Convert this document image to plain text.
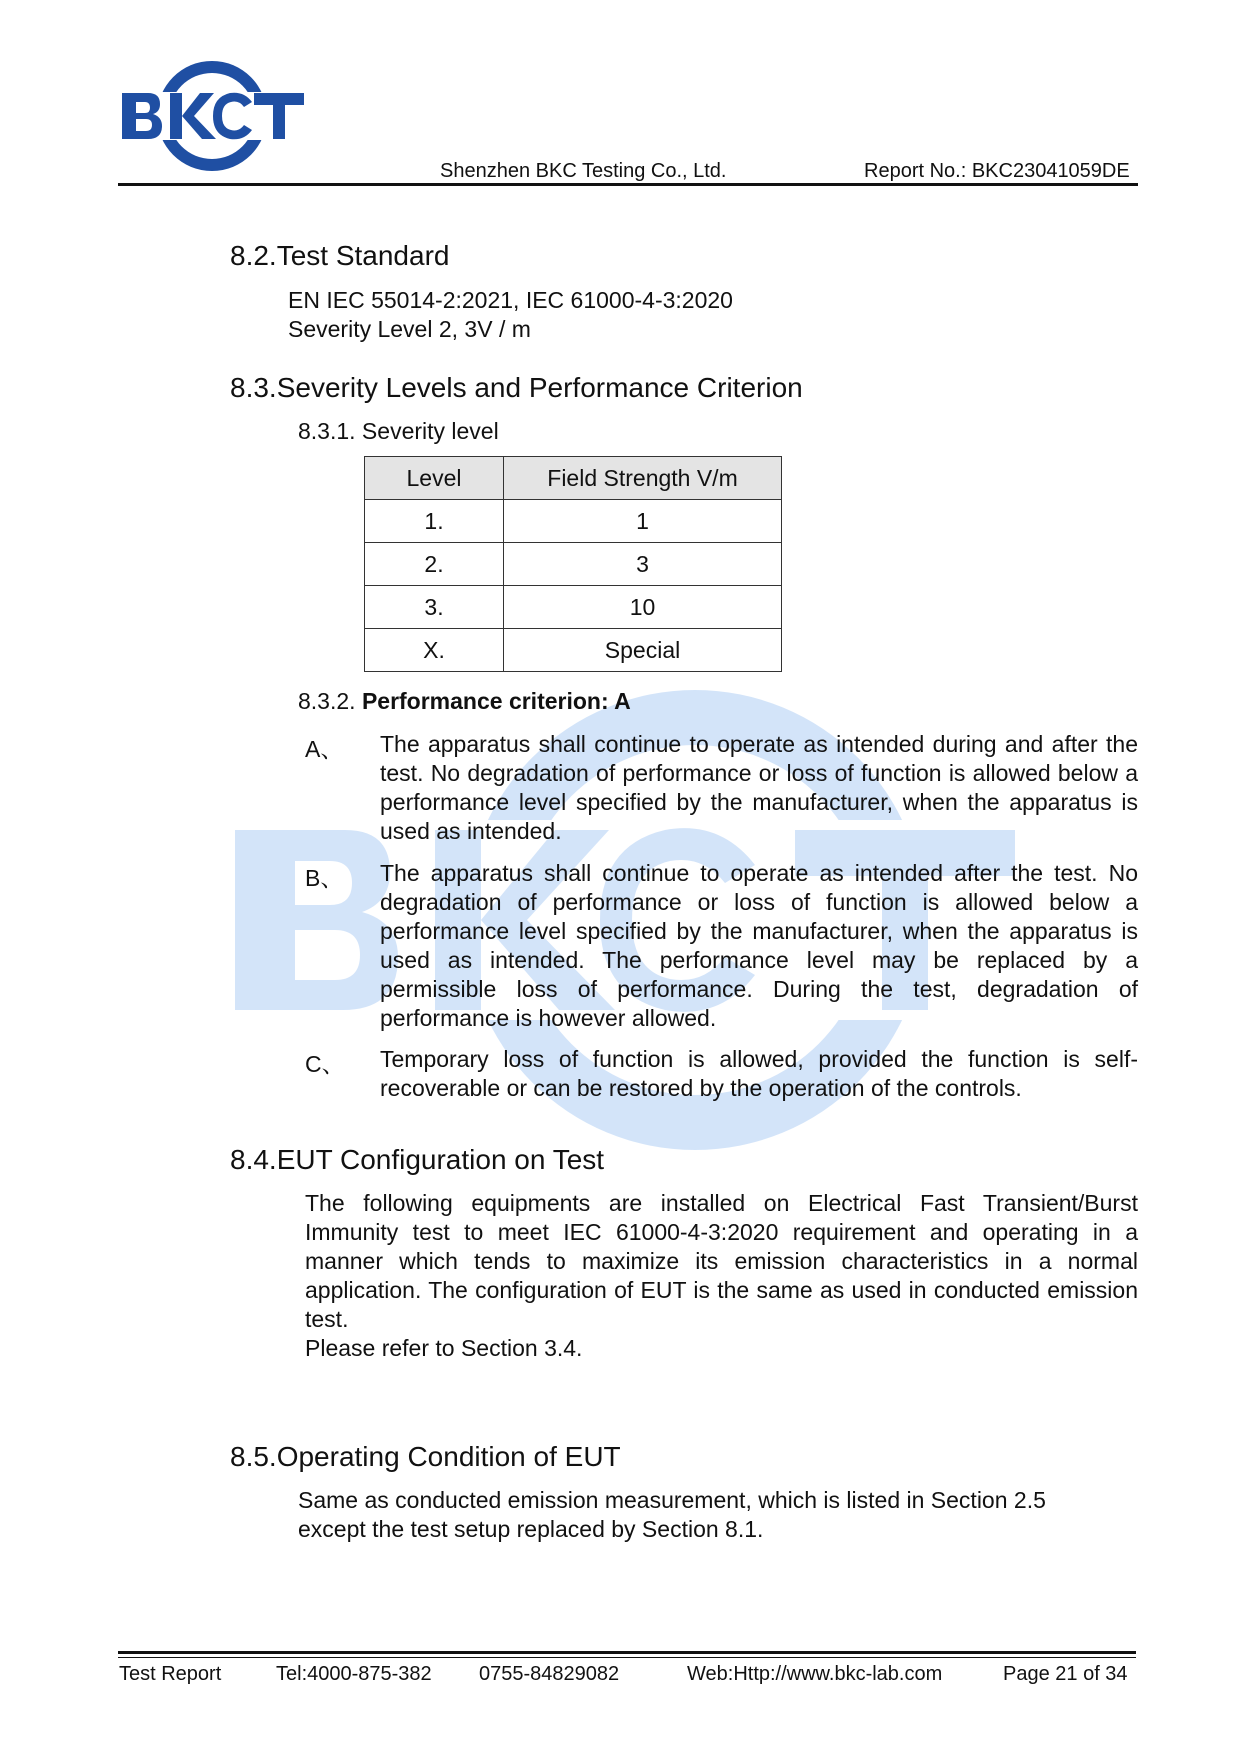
Shenzhen BKC Testing Co., Ltd.	Report No.: BKC23041059DE
8.2.Test Standard
EN IEC 55014-2:2021, IEC 61000-4-3:2020
Severity Level 2, 3V / m
8.3.Severity Levels and Performance Criterion
8.3.1. Severity level
Level	Field Strength V/m
1.	1
2.	3
3.	10
X.	Special
8.3.2. Performance criterion: A
A、 The apparatus shall continue to operate as intended during and after the test. No degradation of performance or loss of function is allowed below a performance level specified by the manufacturer, when the apparatus is used as intended.
B、 The apparatus shall continue to operate as intended after the test. No degradation of performance or loss of function is allowed below a performance level specified by the manufacturer, when the apparatus is used as intended. The performance level may be replaced by a permissible loss of performance. During the test, degradation of performance is however allowed.
C、 Temporary loss of function is allowed, provided the function is self-recoverable or can be restored by the operation of the controls.
8.4.EUT Configuration on Test
The following equipments are installed on Electrical Fast Transient/Burst Immunity test to meet IEC 61000-4-3:2020 requirement and operating in a manner which tends to maximize its emission characteristics in a normal application. The configuration of EUT is the same as used in conducted emission test.
Please refer to Section 3.4.
8.5.Operating Condition of EUT
Same as conducted emission measurement, which is listed in Section 2.5
except the test setup replaced by Section 8.1.
Test Report	Tel:4000-875-382 0755-84829082	Web:Http://www.bkc-lab.com	Page 21 of 34
